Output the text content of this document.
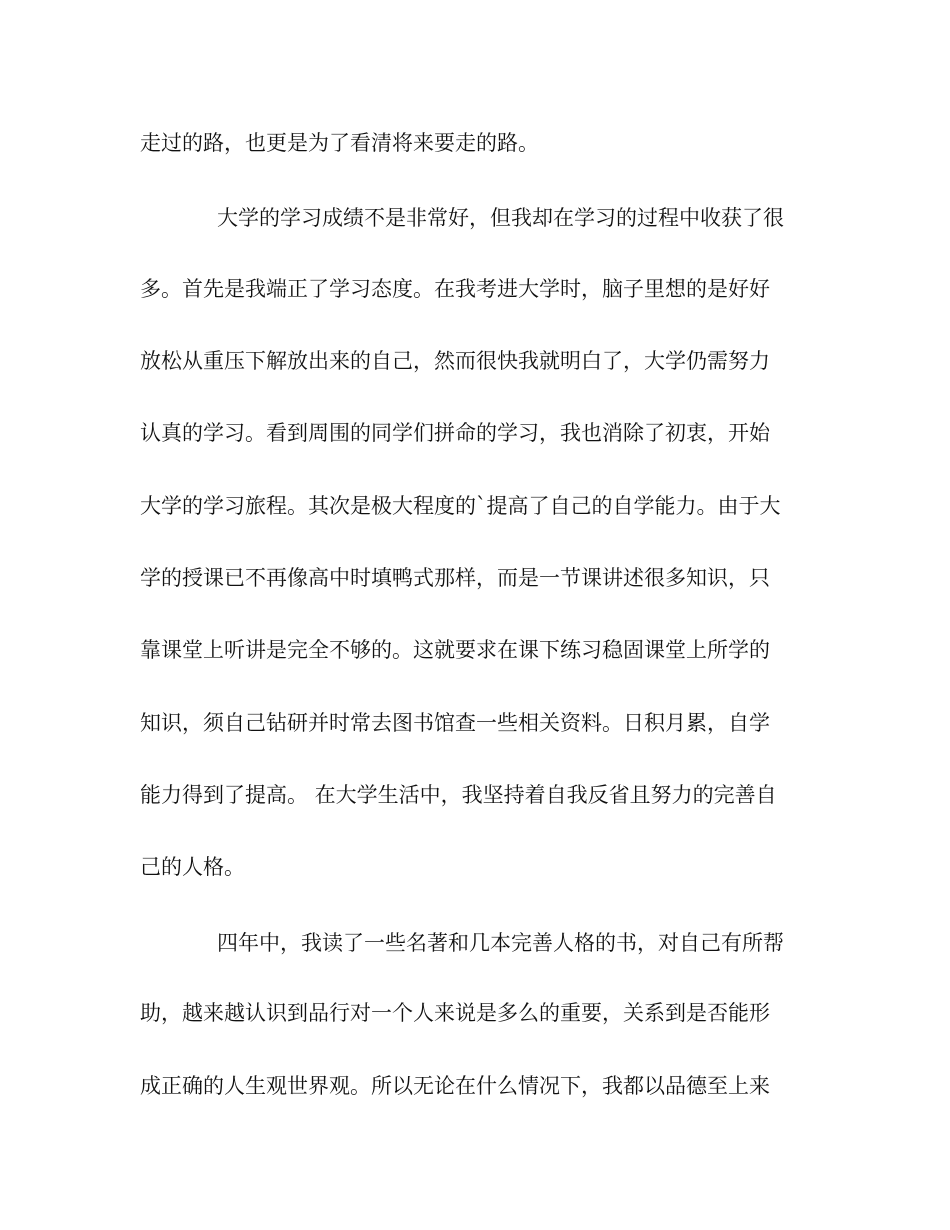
走过的路，也更是为了看清将来要走的路。
大学的学习成绩不是非常好，但我却在学习的过程中收获了很
多。首先是我端正了学习态度。在我考进大学时，脑子里想的是好好
放松从重压下解放出来的自己，然而很快我就明白了，大学仍需努力
认真的学习。看到周围的同学们拼命的学习，我也消除了初衷，开始
大学的学习旅程。其次是极大程度的`提高了自己的自学能力。由于大
学的授课已不再像高中时填鸭式那样，而是一节课讲述很多知识，只
靠课堂上听讲是完全不够的。这就要求在课下练习稳固课堂上所学的
知识，须自己钻研并时常去图书馆查一些相关资料。日积月累，自学
能力得到了提高。 在大学生活中，我坚持着自我反省且努力的完善自
己的人格。
四年中，我读了一些名著和几本完善人格的书，对自己有所帮
助，越来越认识到品行对一个人来说是多么的重要，关系到是否能形
成正确的人生观世界观。所以无论在什么情况下，我都以品德至上来
